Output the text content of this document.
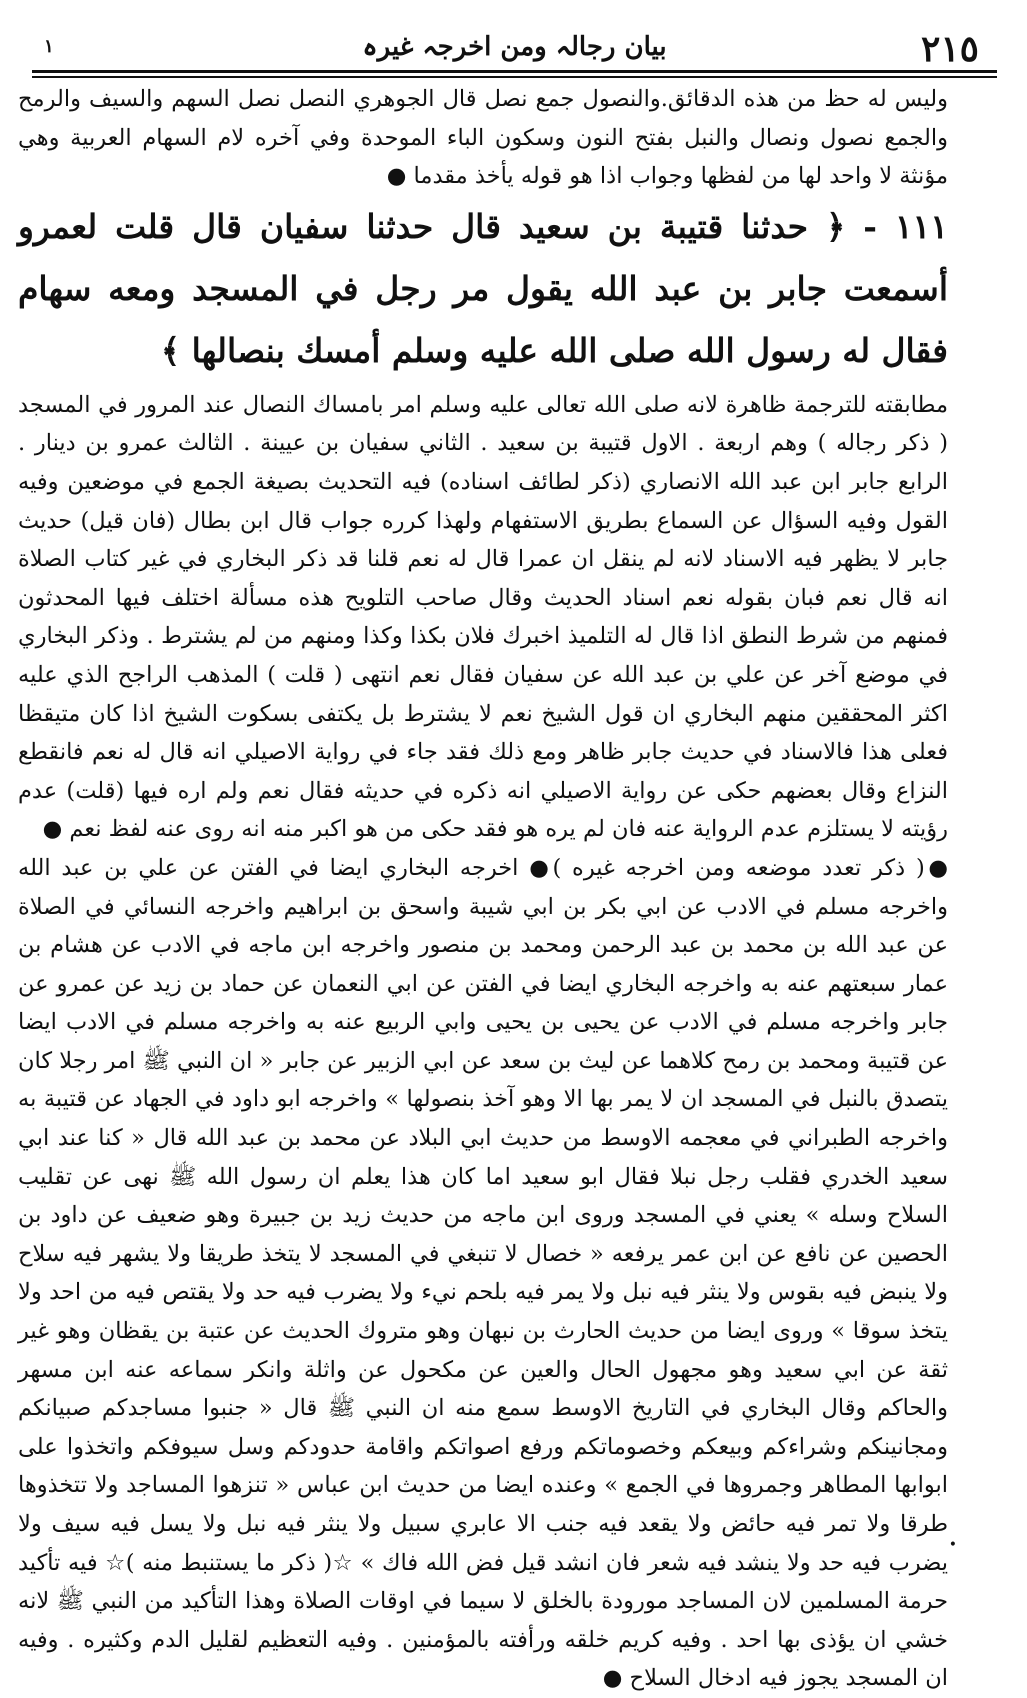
٢١٥
بیان رجالہ ومن اخرجہ غیرہ
۱

ولیس له حظ من هذه الدقائق.والنصول جمع نصل قال الجوهري النصل نصل السهم والسيف والرمح والجمع نصول ونصال والنبل بفتح النون وسكون الباء الموحدة وفي آخره لام السهام العربية وهي مؤنثة لا واحد لها من لفظها وجواب اذا هو قوله يأخذ مقدما ●

١١١ - ﴿ حدثنا قتيبة بن سعيد قال حدثنا سفيان قال قلت لعمرو أسمعت جابر بن عبد الله يقول مر رجل في المسجد ومعه سهام فقال له رسول الله صلى الله عليه وسلم أمسك بنصالها ﴾

مطابقته للترجمة ظاهرة لانه صلى الله تعالى عليه وسلم امر بامساك النصال عند المرور في المسجد ( ذكر رجاله ) وهم اربعة . الاول قتيبة بن سعيد . الثاني سفيان بن عيينة . الثالث عمرو بن دينار . الرابع جابر ابن عبد الله الانصاري (ذكر لطائف اسناده) فيه التحديث بصيغة الجمع في موضعين وفيه القول وفيه السؤال عن السماع بطريق الاستفهام ولهذا كرره جواب قال ابن بطال (فان قيل) حديث جابر لا يظهر فيه الاسناد لانه لم ينقل ان عمرا قال له نعم قلنا قد ذكر البخاري في غير كتاب الصلاة انه قال نعم فبان بقوله نعم اسناد الحديث وقال صاحب التلويح هذه مسألة اختلف فيها المحدثون فمنهم من شرط النطق اذا قال له التلميذ اخبرك فلان بكذا وكذا ومنهم من لم يشترط . وذكر البخاري في موضع آخر عن علي بن عبد الله عن سفيان فقال نعم انتهى ( قلت ) المذهب الراجح الذي عليه اكثر المحققين منهم البخاري ان قول الشيخ نعم لا يشترط بل يكتفى بسكوت الشيخ اذا كان متيقظا فعلى هذا فالاسناد في حديث جابر ظاهر ومع ذلك فقد جاء في رواية الاصيلي انه قال له نعم فانقطع النزاع وقال بعضهم حكى عن رواية الاصيلي انه ذكره في حديثه فقال نعم ولم اره فيها (قلت) عدم رؤيته لا يستلزم عدم الرواية عنه فان لم يره هو فقد حكى من هو اكبر منه انه روى عنه لفظ نعم ●

●( ذكر تعدد موضعه ومن اخرجه غيره )● اخرجه البخاري ايضا في الفتن عن علي بن عبد الله واخرجه مسلم في الادب عن ابي بكر بن ابي شيبة واسحق بن ابراهيم واخرجه النسائي في الصلاة عن عبد الله بن محمد بن عبد الرحمن ومحمد بن منصور واخرجه ابن ماجه في الادب عن هشام بن عمار سبعتهم عنه به واخرجه البخاري ايضا في الفتن عن ابي النعمان عن حماد بن زيد عن عمرو عن جابر واخرجه مسلم في الادب عن يحيى بن يحيى وابي الربيع عنه به واخرجه مسلم في الادب ايضا عن قتيبة ومحمد بن رمح كلاهما عن ليث بن سعد عن ابي الزبير عن جابر « ان النبي ﷺ امر رجلا كان يتصدق بالنبل في المسجد ان لا يمر بها الا وهو آخذ بنصولها » واخرجه ابو داود في الجهاد عن قتيبة به واخرجه الطبراني في معجمه الاوسط من حديث ابي البلاد عن محمد بن عبد الله قال « كنا عند ابي سعيد الخدري فقلب رجل نبلا فقال ابو سعيد اما كان هذا يعلم ان رسول الله ﷺ نهى عن تقليب السلاح وسله » يعني في المسجد وروى ابن ماجه من حديث زيد بن جبيرة وهو ضعيف عن داود بن الحصين عن نافع عن ابن عمر يرفعه « خصال لا تنبغي في المسجد لا يتخذ طريقا ولا يشهر فيه سلاح ولا ينبض فيه بقوس ولا ينثر فيه نبل ولا يمر فيه بلحم نيء ولا يضرب فيه حد ولا يقتص فيه من احد ولا يتخذ سوقا » وروى ايضا من حديث الحارث بن نبهان وهو متروك الحديث عن عتبة بن يقظان وهو غير ثقة عن ابي سعيد وهو مجهول الحال والعين عن مكحول عن واثلة وانكر سماعه عنه ابن مسهر والحاكم وقال البخاري في التاريخ الاوسط سمع منه ان النبي ﷺ قال « جنبوا مساجدكم صبيانكم ومجانينكم وشراءكم وبيعكم وخصوماتكم ورفع اصواتكم واقامة حدودكم وسل سيوفكم واتخذوا على ابوابها المطاهر وجمروها في الجمع » وعنده ايضا من حديث ابن عباس « تنزهوا المساجد ولا تتخذوها طرقا ولا تمر فيه حائض ولا يقعد فيه جنب الا عابري سبيل ولا ينثر فيه نبل ولا يسل فيه سيف ولا يضرب فيه حد ولا ينشد فيه شعر فان انشد قيل فض الله فاك » ☆( ذكر ما يستنبط منه )☆ فيه تأكيد حرمة المسلمين لان المساجد مورودة بالخلق لا سيما في اوقات الصلاة وهذا التأكيد من النبي ﷺ لانه خشي ان يؤذى بها احد . وفيه كريم خلقه ورأفته بالمؤمنين . وفيه التعظيم لقليل الدم وكثيره . وفيه ان المسجد يجوز فيه ادخال السلاح ●

•
